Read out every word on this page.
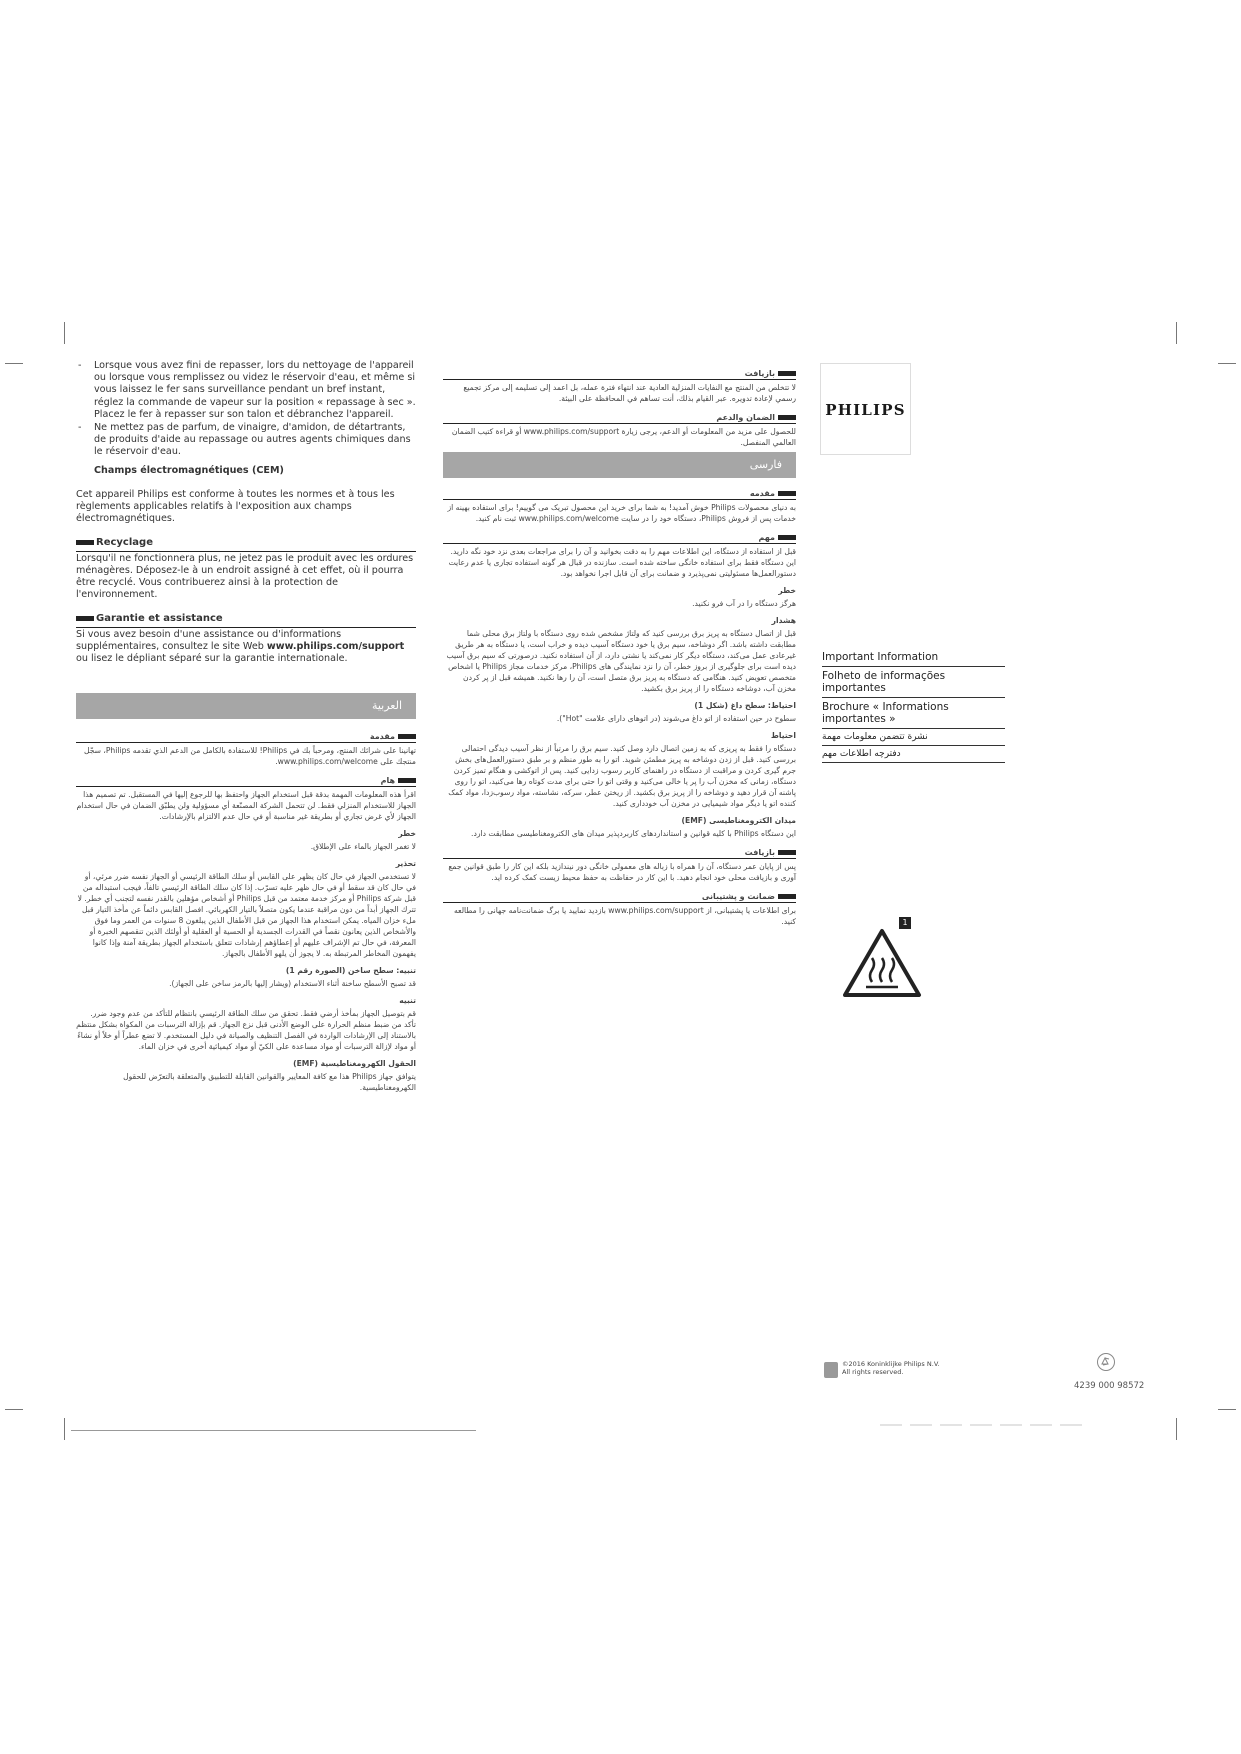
- Lorsque vous avez fini de repasser, lors du nettoyage de l'appareil ou lorsque vous remplissez ou videz le réservoir d'eau, et même si vous laissez le fer sans surveillance pendant un bref instant, réglez la commande de vapeur sur la position « repassage à sec ». Placez le fer à repasser sur son talon et débranchez l'appareil.
- Ne mettez pas de parfum, de vinaigre, d'amidon, de détartrants, de produits d'aide au repassage ou autres agents chimiques dans le réservoir d'eau.
Champs électromagnétiques (CEM)

Cet appareil Philips est conforme à toutes les normes et à tous les règlements applicables relatifs à l'exposition aux champs électromagnétiques.

Recyclage

Lorsqu'il ne fonctionnera plus, ne jetez pas le produit avec les ordures ménagères. Déposez-le à un endroit assigné à cet effet, où il pourra être recyclé. Vous contribuerez ainsi à la protection de l'environnement.

Garantie et assistance

Si vous avez besoin d'une assistance ou d'informations supplémentaires, consultez le site Web www.philips.com/support ou lisez le dépliant séparé sur la garantie internationale.

العربية
مقدمة
تهانينا على شرائك المنتج، ومرحباً بك في Philips! للاستفادة بالكامل من الدعم الذي تقدمه Philips، سجّل منتجك على www.philips.com/welcome.
هام
اقرأ هذه المعلومات المهمة بدقة قبل استخدام الجهاز واحتفظ بها للرجوع إليها في المستقبل. تم تصميم هذا الجهاز للاستخدام المنزلي فقط. لن تتحمل الشركة المصنّعة أي مسؤولية ولن يطبّق الضمان في حال استخدام الجهاز لأي غرض تجاري أو بطريقة غير مناسبة أو في حال عدم الالتزام بالإرشادات.
خطر
لا تغمر الجهاز بالماء على الإطلاق.
تحذير
لا تستخدمي الجهاز في حال كان يظهر على القابس أو سلك الطاقة الرئيسي أو الجهاز نفسه ضرر مرئي، أو في حال كان قد سقط أو في حال ظهر عليه تسرّب. إذا كان سلك الطاقة الرئيسي تالفاً، فيجب استبداله من قبل شركة Philips أو مركز خدمة معتمد من قبل Philips أو أشخاص مؤهلين بالقدر نفسه لتجنب أي خطر. لا تترك الجهاز أبداً من دون مراقبة عندما يكون متصلاً بالتيار الكهربائي. افصل القابس دائماً عن مأخذ التيار قبل ملء خزان المياه. يمكن استخدام هذا الجهاز من قبل الأطفال الذين يبلغون 8 سنوات من العمر وما فوق والأشخاص الذين يعانون نقصاً في القدرات الجسدية أو الحسية أو العقلية أو أولئك الذين تنقصهم الخبرة أو المعرفة، في حال تم الإشراف عليهم أو إعطاؤهم إرشادات تتعلق باستخدام الجهاز بطريقة آمنة وإذا كانوا يفهمون المخاطر المرتبطة به. لا يجوز أن يلهو الأطفال بالجهاز.
تنبيه: سطح ساخن (الصورة رقم 1)
قد تصبح الأسطح ساخنة أثناء الاستخدام (ويشار إليها بالرمز ساخن على الجهاز).
تنبيه
قم بتوصيل الجهاز بمأخذ أرضي فقط. تحقق من سلك الطاقة الرئيسي بانتظام للتأكد من عدم وجود ضرر. تأكد من ضبط منظم الحرارة على الوضع الأدنى قبل نزع الجهاز. قم بإزالة الترسبات من المكواة بشكل منتظم بالاستناد إلى الإرشادات الواردة في الفصل التنظيف والصيانة في دليل المستخدم. لا تضع عطراً أو خلاً أو نشاءً أو مواد لإزالة الترسبات أو مواد مساعدة على الكيّ أو مواد كيميائية أخرى في خزان الماء.
الحقول الكهرومغناطيسية (EMF)
يتوافق جهاز Philips هذا مع كافة المعايير والقوانين القابلة للتطبيق والمتعلقة بالتعرّض للحقول الكهرومغناطيسية.
بازیافت
لا تتخلص من المنتج مع النفايات المنزلية العادية عند انتهاء فترة عمله، بل اعمد إلى تسليمه إلى مركز تجميع رسمي لإعادة تدويره. عبر القيام بذلك، أنت تساهم في المحافظة على البيئة.
الضمان والدعم
للحصول على مزيد من المعلومات أو الدعم، يرجى زيارة www.philips.com/support أو قراءة كتيب الضمان العالمي المنفصل.
فارسی
مقدمه
به دنیای محصولات Philips خوش آمدید! به شما برای خرید این محصول تبریک می گوییم! برای استفاده بهینه از خدمات پس از فروش Philips، دستگاه خود را در سایت www.philips.com/welcome ثبت نام کنید.
مهم
قبل از استفاده از دستگاه، این اطلاعات مهم را به دقت بخوانید و آن را برای مراجعات بعدی نزد خود نگه دارید. این دستگاه فقط برای استفاده خانگی ساخته شده است. سازنده در قبال هر گونه استفاده تجاری یا عدم رعایت دستورالعمل‌ها مسئولیتی نمی‌پذیرد و ضمانت برای آن قابل اجرا نخواهد بود.
خطر
هرگز دستگاه را در آب فرو نکنید.
هشدار
قبل از اتصال دستگاه به پریز برق بررسی کنید که ولتاژ مشخص شده روی دستگاه با ولتاژ برق محلی شما مطابقت داشته باشد. اگر دوشاخه، سیم برق یا خود دستگاه آسیب دیده و خراب است، یا دستگاه به هر طریق غیرعادی عمل می‌کند، دستگاه دیگر کار نمی‌کند یا نشتی دارد، از آن استفاده نکنید. درصورتی که سیم برق آسیب دیده است برای جلوگیری از بروز خطر، آن را نزد نمایندگی های Philips، مرکز خدمات مجاز Philips یا اشخاص متخصص تعویض کنید. هنگامی که دستگاه به پریز برق متصل است، آن را رها نکنید. همیشه قبل از پر کردن مخزن آب، دوشاخه دستگاه را از پریز برق بکشید.
احتیاط: سطح داغ (شکل 1)
سطوح در حین استفاده از اتو داغ می‌شوند (در اتوهای دارای علامت "Hot").
احتیاط
دستگاه را فقط به پریزی که به زمین اتصال دارد وصل کنید. سیم برق را مرتباً از نظر آسیب دیدگی احتمالی بررسی کنید. قبل از زدن دوشاخه به پریز مطمئن شوید. اتو را به طور منظم و بر طبق دستورالعمل‌های بخش جرم گیری کردن و مراقبت از دستگاه در راهنمای کاربر رسوب زدایی کنید. پس از اتوکشی و هنگام تمیز کردن دستگاه، زمانی که مخزن آب را پر یا خالی می‌کنید و وقتی اتو را حتی برای مدت کوتاه رها می‌کنید، اتو را روی پاشنه آن قرار دهید و دوشاخه را از پریز برق بکشید. از ریختن عطر، سرکه، نشاسته، مواد رسوب‌زدا، مواد کمک کننده اتو یا دیگر مواد شیمیایی در مخزن آب خودداری کنید.
میدان الکترومغناطیسی (EMF)
این دستگاه Philips با کلیه قوانین و استانداردهای کاربردپذیر میدان های الکترومغناطیسی مطابقت دارد.
بازیافت
پس از پایان عمر دستگاه، آن را همراه با زباله های معمولی خانگی دور نیندازید بلکه این کار را طبق قوانین جمع آوری و بازیافت محلی خود انجام دهید. با این کار در حفاظت به حفظ محیط زیست کمک کرده اید.
ضمانت و پشتیبانی
برای اطلاعات یا پشتیبانی، از www.philips.com/support بازدید نمایید یا برگ ضمانت‌نامه جهانی را مطالعه کنید.
PHILIPS
Important Information
Folheto de informações importantes
Brochure « Informations importantes »
نشرة تتضمن معلومات مهمة
دفترچه اطلاعات مهم
1
©2016 Koninklijke Philips N.V.
All rights reserved.
4239 000 98572
